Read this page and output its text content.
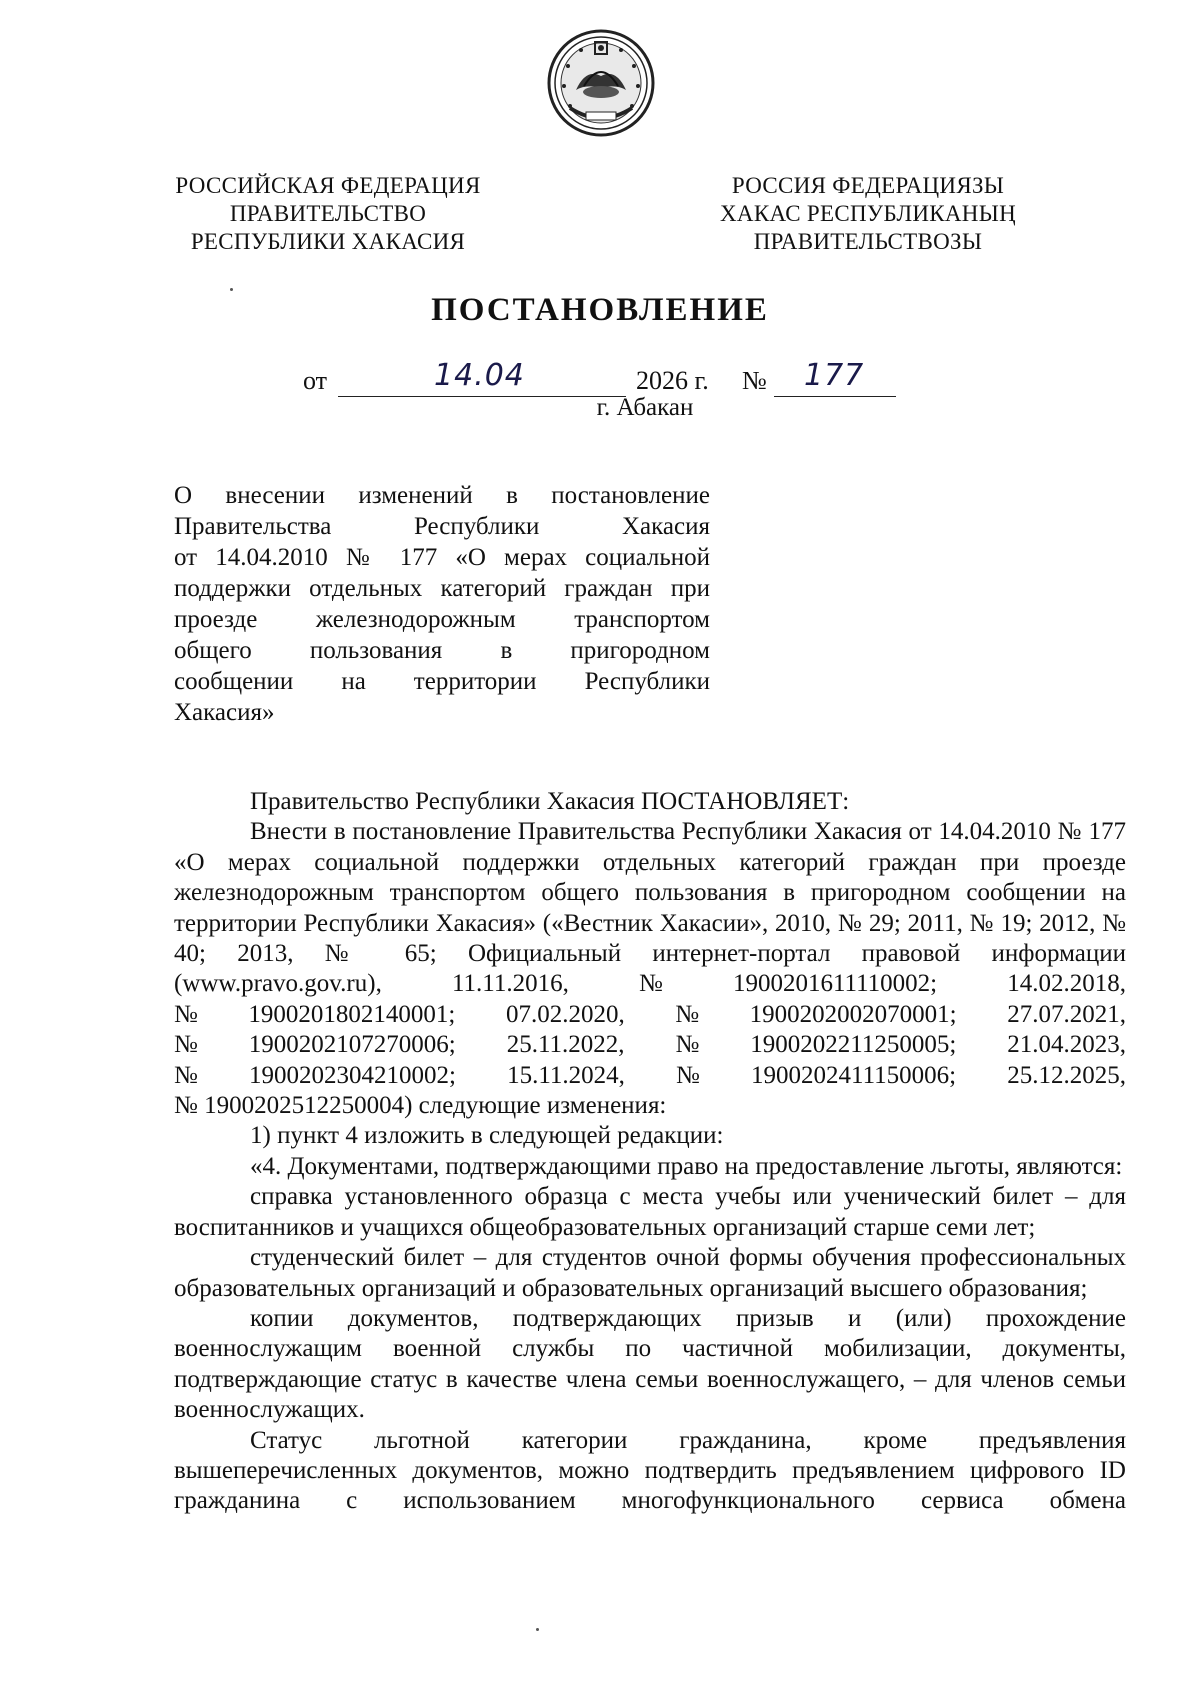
РОССИЙСКАЯ ФЕДЕРАЦИЯ
ПРАВИТЕЛЬСТВО
РЕСПУБЛИКИ ХАКАСИЯ
РОССИЯ ФЕДЕРАЦИЯЗЫ
ХАКАС РЕСПУБЛИКАНЫҢ
ПРАВИТЕЛЬСТВОЗЫ
ПОСТАНОВЛЕНИЕ
от	14.04	2026 г. № 177
г. Абакан
О внесении изменений в постановление
Правительства Республики Хакасия
от 14.04.2010 № 177 «О мерах социальной
поддержки отдельных категорий граждан при
проезде железнодорожным транспортом
общего пользования в пригородном
сообщении на территории Республики
Хакасия»
Правительство Республики Хакасия ПОСТАНОВЛЯЕТ:
Внести в постановление Правительства Республики Хакасия от 14.04.2010 № 177 «О мерах социальной поддержки отдельных категорий граждан при проезде железнодорожным транспортом общего пользования в пригородном сообщении на территории Республики Хакасия» («Вестник Хакасии», 2010, № 29; 2011, № 19; 2012, № 40; 2013, № 65; Официальный интернет-портал правовой информации
(www.pravo.gov.ru),	11.11.2016,	№	1900201611110002;	14.02.2018,
№ 1900201802140001; 07.02.2020, № 1900202002070001; 27.07.2021,
№ 1900202107270006; 25.11.2022, № 1900202211250005; 21.04.2023,
№ 1900202304210002; 15.11.2024, № 1900202411150006; 25.12.2025,
№ 1900202512250004) следующие изменения:
1) пункт 4 изложить в следующей редакции:
«4. Документами, подтверждающими право на предоставление льготы, являются:
справка установленного образца с места учебы или ученический билет – для воспитанников и учащихся общеобразовательных организаций старше семи лет;
студенческий билет – для студентов очной формы обучения профессиональных образовательных организаций и образовательных организаций высшего образования;
копии документов, подтверждающих призыв и (или) прохождение военнослужащим военной службы по частичной мобилизации, документы, подтверждающие статус в качестве члена семьи военнослужащего, – для членов семьи военнослужащих.
Статус льготной категории гражданина, кроме предъявления вышеперечисленных документов, можно подтвердить предъявлением цифрового ID гражданина с использованием многофункционального сервиса обмена
